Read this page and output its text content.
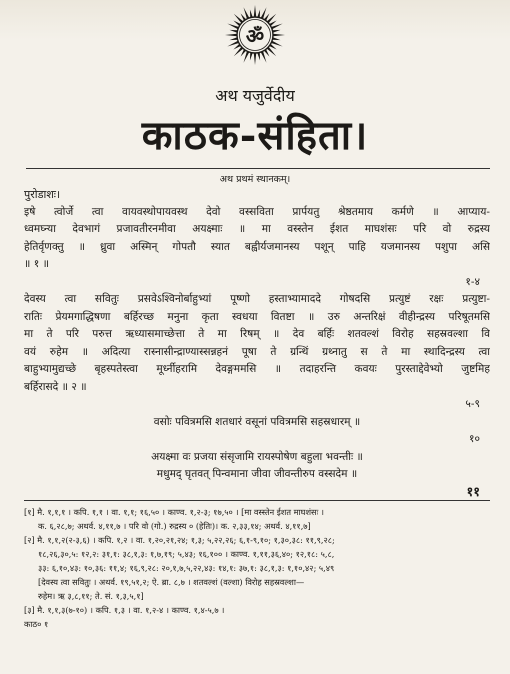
ॐ
अथ यजुर्वेदीय
काठक-संहिता।
अथ प्रथमं स्थानकम्।
पुरोडाशः।
इषे त्वोर्जे त्वा वायवस्थोपायवस्थ देवो वस्सविता प्रार्पयतु श्रेष्ठतमाय कर्मणे ॥ आप्याय-
ध्वमघ्न्या देवभागं प्रजावतीरनमीवा अयक्ष्माः ॥ मा वस्स्तेन ईशत माघशंसः परि वो रुद्रस्य
हेतिर्वृणक्तु ॥ ध्रुवा अस्मिन् गोपतौ स्यात बह्वीर्यजमानस्य पशून् पाहि यजमानस्य पशुपा असि
॥ १ ॥
१-४
देवस्य त्वा सवितुः प्रसवेऽश्विनोर्बाहुभ्यां पूष्णो हस्ताभ्यामाददे गोषदसि प्रत्युष्टं रक्षः प्रत्युष्टा-
रातिः प्रेयमगाद्धिषणा बर्हिरच्छ मनुना कृता स्वधया वितष्टा ॥ उरु अन्तरिक्षं वीहीन्द्रस्य परिषूतमसि
मा ते परि परुत्त ऋध्यासमाच्छेत्ता ते मा रिषम् ॥ देव बर्हिः शतवल्शं विरोह सहस्रवल्शा वि
वयं रुहेम ॥ अदित्या रास्नासीन्द्राण्यास्सन्नहनं पूषा ते ग्रन्थिं ग्रथ्नातु स ते मा स्थादिन्द्रस्य त्वा
बाहुभ्यामुद्यच्छे बृहस्पतेस्त्वा मूर्ध्नीहरामि देवङ्गममसि ॥ तदाहरन्ति कवयः पुरस्ताद्देवेभ्यो जुष्टमिह
बर्हिरासदे ॥ २ ॥
५-९
वसोः पवित्रमसि शतधारं वसूनां पवित्रमसि सहस्रधारम् ॥
१०
अयक्ष्मा वः प्रजया संसृजामि रायस्पोषेण बहुला भवन्तीः ॥
मधुमद् घृतवत् पिन्वमाना जीवा जीवन्तीरुप वस्सदेम ॥
११
[१] मै. १,१,१ । कपि. १,१ । वा. १,१; १६,५० । काण्व. १,२-३; १७,५० । [मा वस्स्तेन ईशत माघशंसः ।
क. ६,२८,७; अथर्व. ४,११,७ । परि वो (गो.) रुद्रस्य ० (हेतिः)। क. २,३३,१४; अथर्व. ४,११,७]
[२] मै. १,१,२(२-३,६) । कपि. १,२ । वा. १,२०,२१,२४; १,३; ५,२२,२६; ६,१-९,१०; १,३०,३८: ११,९,२८;
१८,२६,३०,५: १२,२: ३१,१: ३८,१,३: १,७,१९; ५,४३; १६,१०० । काण्व. १,११,३६,४०; १२,१८: ५,८,
३३: ६,१०,४३: १०,३६: ११,४; १६,९,२८: २०,१,७,५,२२,४३: १४,१: ३७,१: ३८,१,३: १,१०,४२; ५,४९
[देवस्य त्वा सवितुः । अथर्व. १९,५१,२; ऐ. ब्रा. ८,७ । शतवल्शं (वल्शा) विरोह सहस्रवल्शा—
रुहेम। ऋ ३,८,११; ते. सं. १,३,५,१]
[३] मै. १,१,३(७-१०) । कपि. १,३ । वा. १,२-४ । काण्व. १,४-५,७ ।
काठ० १
